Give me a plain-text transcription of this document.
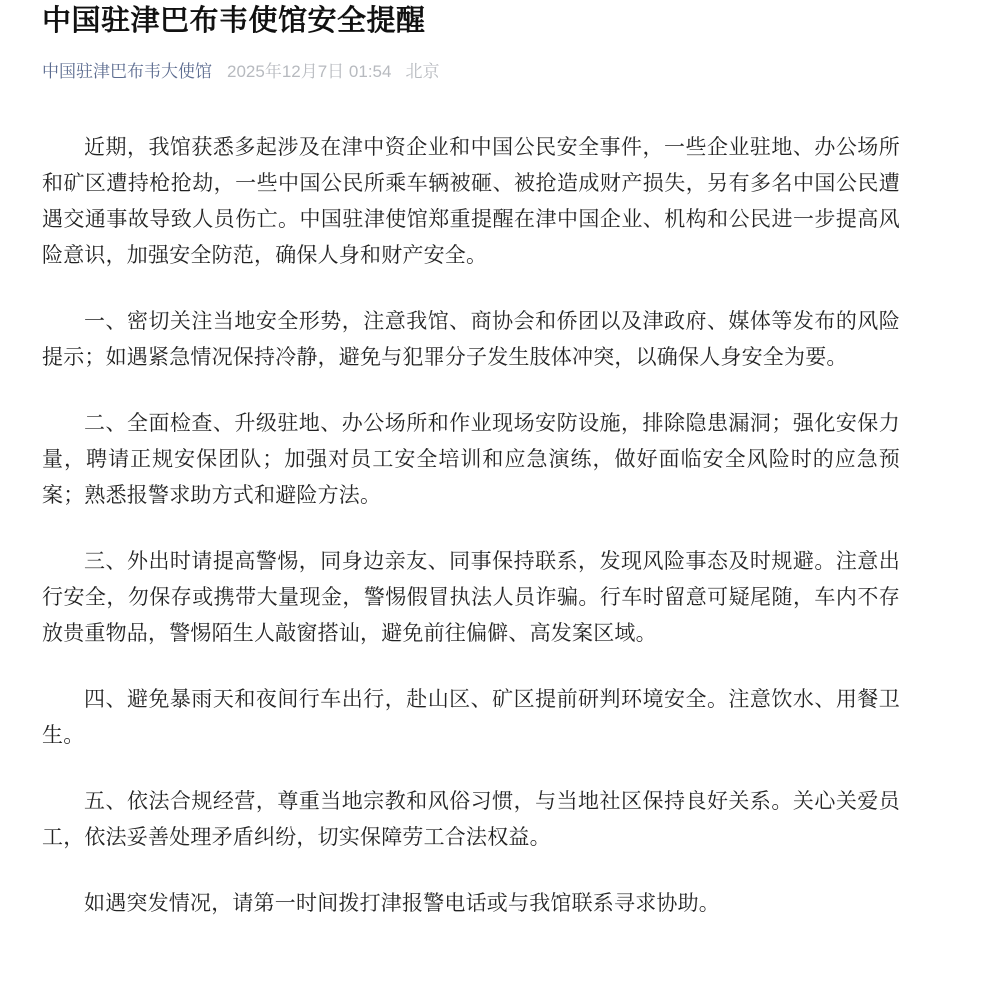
中国驻津巴布韦使馆安全提醒
中国驻津巴布韦大使馆 2025年12月7日 01:54 北京

近期，我馆获悉多起涉及在津中资企业和中国公民安全事件，一些企业驻地、办公场所和矿区遭持枪抢劫，一些中国公民所乘车辆被砸、被抢造成财产损失，另有多名中国公民遭遇交通事故导致人员伤亡。中国驻津使馆郑重提醒在津中国企业、机构和公民进一步提高风险意识，加强安全防范，确保人身和财产安全。

一、密切关注当地安全形势，注意我馆、商协会和侨团以及津政府、媒体等发布的风险提示；如遇紧急情况保持冷静，避免与犯罪分子发生肢体冲突，以确保人身安全为要。

二、全面检查、升级驻地、办公场所和作业现场安防设施，排除隐患漏洞；强化安保力量，聘请正规安保团队；加强对员工安全培训和应急演练，做好面临安全风险时的应急预案；熟悉报警求助方式和避险方法。

三、外出时请提高警惕，同身边亲友、同事保持联系，发现风险事态及时规避。注意出行安全，勿保存或携带大量现金，警惕假冒执法人员诈骗。行车时留意可疑尾随，车内不存放贵重物品，警惕陌生人敲窗搭讪，避免前往偏僻、高发案区域。

四、避免暴雨天和夜间行车出行，赴山区、矿区提前研判环境安全。注意饮水、用餐卫生。

五、依法合规经营，尊重当地宗教和风俗习惯，与当地社区保持良好关系。关心关爱员工，依法妥善处理矛盾纠纷，切实保障劳工合法权益。

如遇突发情况，请第一时间拨打津报警电话或与我馆联系寻求协助。
